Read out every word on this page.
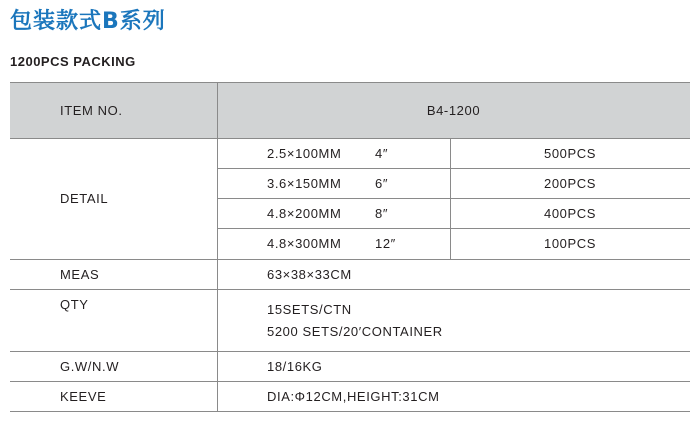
包装款式B系列
1200PCS PACKING
ITEM NO.	B4-1200
DETAIL
2.5×100MM	4″	500PCS
3.6×150MM	6″	200PCS
4.8×200MM	8″	400PCS
4.8×300MM	12″	100PCS
MEAS	63×38×33CM
QTY	15SETS/CTN
5200 SETS/20′CONTAINER
G.W/N.W	18/16KG
KEEVE	DIA:Φ12CM,HEIGHT:31CM
